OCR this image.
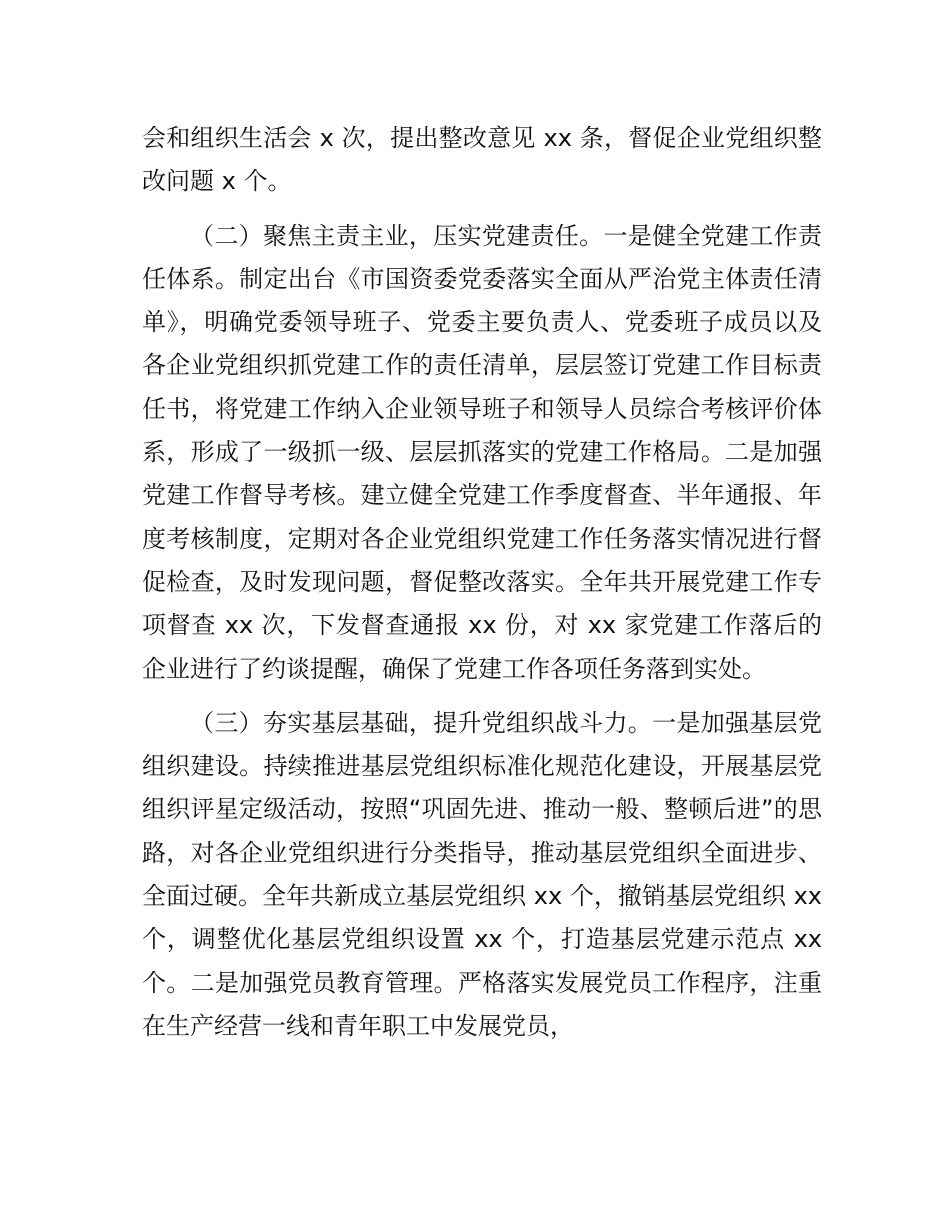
会和组织生活会 x 次，提出整改意见 xx 条，督促企业党组织整改问题 x 个。

（二）聚焦主责主业，压实党建责任。一是健全党建工作责任体系。制定出台《市国资委党委落实全面从严治党主体责任清单》，明确党委领导班子、党委主要负责人、党委班子成员以及各企业党组织抓党建工作的责任清单，层层签订党建工作目标责任书，将党建工作纳入企业领导班子和领导人员综合考核评价体系，形成了一级抓一级、层层抓落实的党建工作格局。二是加强党建工作督导考核。建立健全党建工作季度督查、半年通报、年度考核制度，定期对各企业党组织党建工作任务落实情况进行督促检查，及时发现问题，督促整改落实。全年共开展党建工作专项督查 xx 次，下发督查通报 xx 份，对 xx 家党建工作落后的企业进行了约谈提醒，确保了党建工作各项任务落到实处。

（三）夯实基层基础，提升党组织战斗力。一是加强基层党组织建设。持续推进基层党组织标准化规范化建设，开展基层党组织评星定级活动，按照“巩固先进、推动一般、整顿后进”的思路，对各企业党组织进行分类指导，推动基层党组织全面进步、全面过硬。全年共新成立基层党组织 xx 个，撤销基层党组织 xx 个，调整优化基层党组织设置 xx 个，打造基层党建示范点 xx 个。二是加强党员教育管理。严格落实发展党员工作程序，注重在生产经营一线和青年职工中发展党员，
